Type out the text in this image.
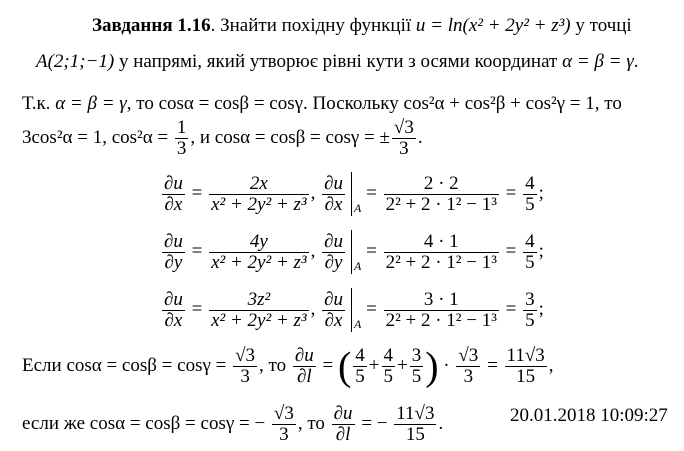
Завдання 1.16. Знайти похідну функції u = ln(x² + 2y² + z³) у точці
A(2;1;−1) у напрямі, який утворює рівні кути з осями координат α = β = γ.
Т.к. α = β = γ, то cosα = cosβ = cosγ. Поскольку cos²α + cos²β + cos²γ = 1, то
3cos²α = 1, $\cos^2\alpha = \frac{1}{3}$ , и cosα = cosβ = cosγ = ± $\frac{√3}{3}$ .
$\frac{\partial u}{\partial x} = \frac{2x}{\text{x² + 2y² + z³}}$ , $\frac{\partial u}{\partial x} _A = \frac{2 \cdot 2}{\text{2² + 2 · 1² − 1³}} = \frac{4}{5}$ ;
$\frac{\partial u}{\partial y} = \frac{4y}{\text{x² + 2y² + z³}}$ , $\frac{\partial u}{\partial y} _A = \frac{4 \cdot 1}{\text{2² + 2 · 1² − 1³}} = \frac{4}{5}$ ;
$\frac{\partial u}{\partial x} = \frac{\text{3z²}}{\text{x² + 2y² + z³}}$ , $\frac{\partial u}{\partial x} _A = \frac{3 \cdot 1}{\text{2² + 2 · 1² − 1³}} = \frac{3}{5}$ ;
Если $\cos\alpha = \cos\beta = \cos\gamma = \frac{√3}{3}$ , то $\frac{\partial u}{\partial l}$ = ( $\frac{4}{5} + \frac{4}{5} + \frac{3}{5}$ ) · $\frac{√3}{3} = \frac{11√3}{15}$ ,
если же cosα = cosβ = cosγ = − $\frac{√3}{3}$ , то $\frac{\partial u}{\partial l}$ = − $\frac{11√3}{15}$ .	20.01.2018 10:09:27
